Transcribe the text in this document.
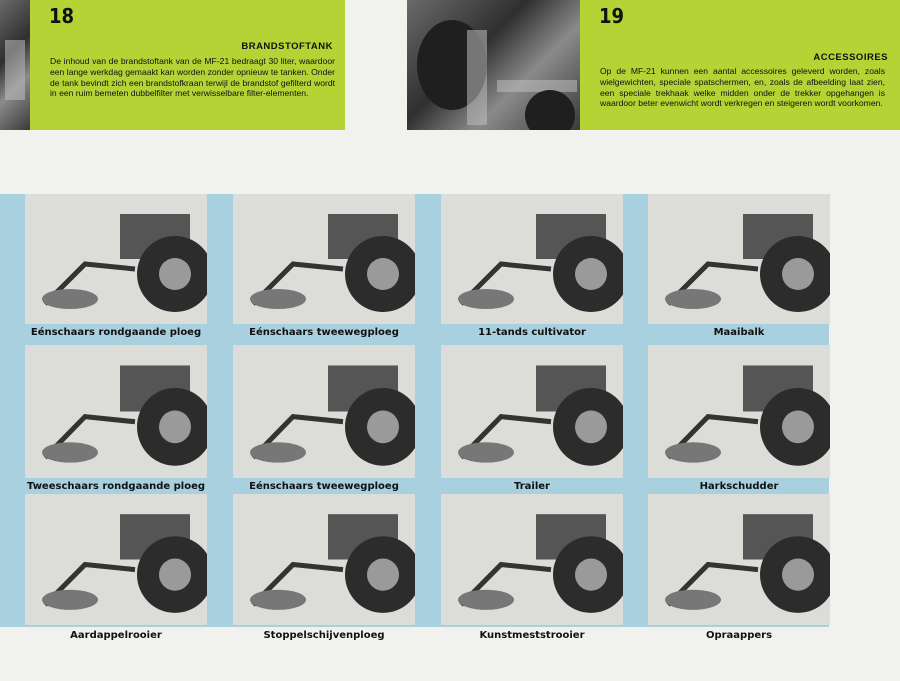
18
BRANDSTOFTANK
De inhoud van de brandstoftank van de MF-21 bedraagt 30 liter, waardoor een lange werkdag gemaakt kan worden zonder opnieuw te tanken. Onder de tank bevindt zich een brandstofkraan terwijl de brandstof gefilterd wordt in een ruim bemeten dubbelfilter met verwisselbare filter-elementen.
19
ACCESSOIRES
Op de MF-21 kunnen een aantal accessoires geleverd worden, zoals wielgewichten, speciale spatschermen, en, zoals de afbeelding laat zien, een speciale trekhaak welke midden onder de trekker opgehangen is waardoor beter evenwicht wordt verkregen en steigeren wordt voorkomen.
Eénschaars rondgaande ploeg	Eénschaars tweewegploeg	11-tands cultivator	Maaibalk
Tweeschaars rondgaande ploeg	Eénschaars tweewegploeg	Trailer	Harkschudder
Aardappelrooier	Stoppelschijvenploeg	Kunstmeststrooier	Opraappers
